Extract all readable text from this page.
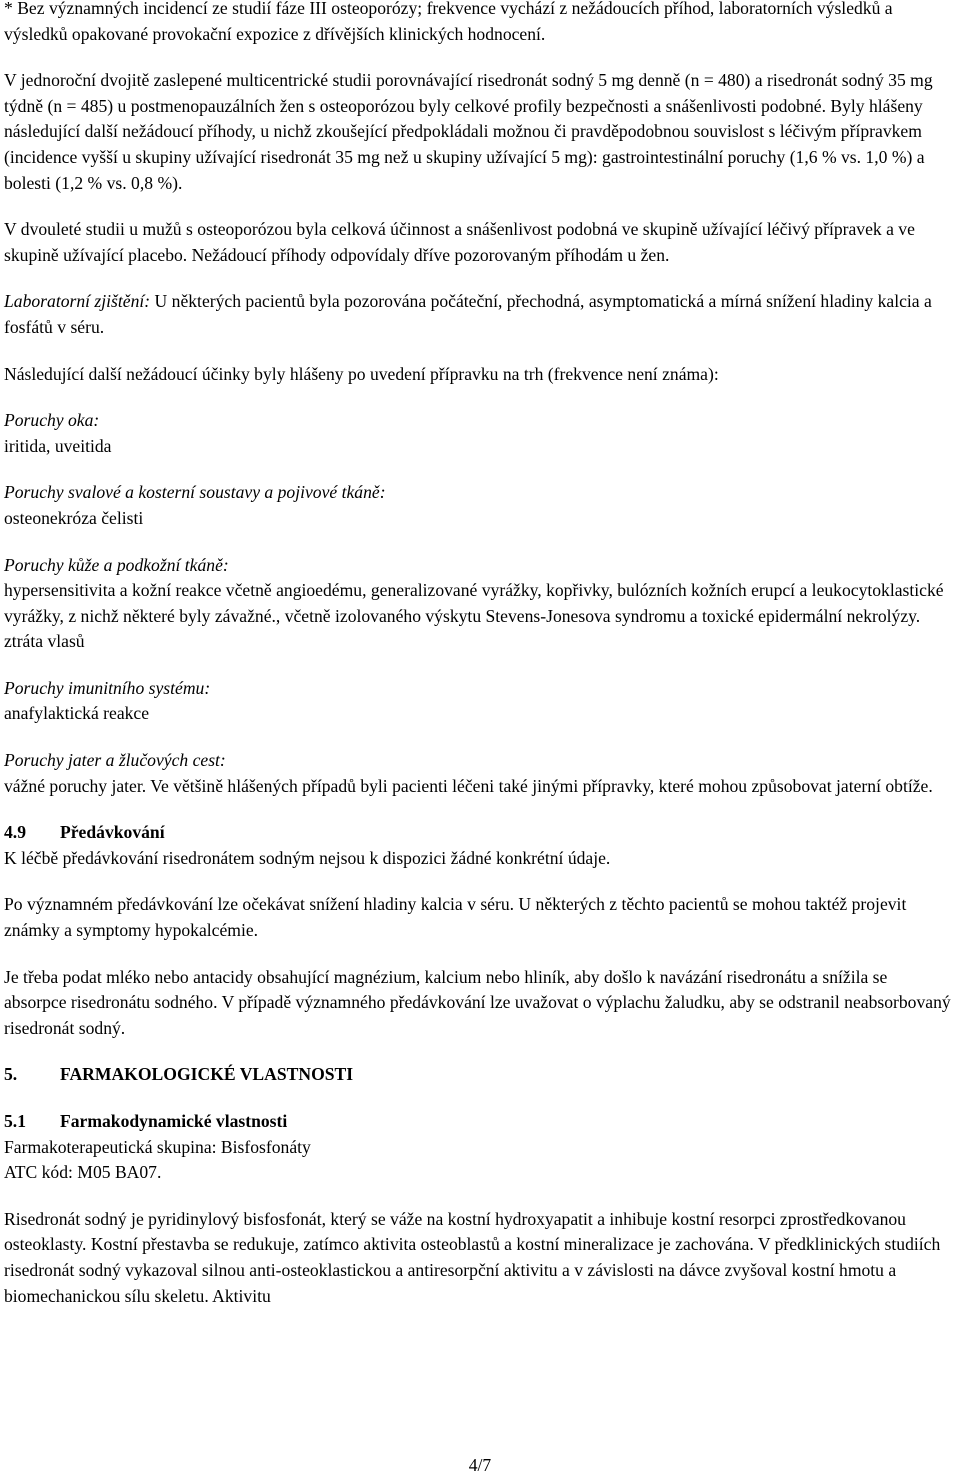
* Bez významných incidencí ze studií fáze III osteoporózy; frekvence vychází z nežádoucích příhod, laboratorních výsledků a výsledků opakované provokační expozice z dřívějších klinických hodnocení.

V jednoroční dvojitě zaslepené multicentrické studii porovnávající risedronát sodný 5 mg denně (n = 480) a risedronát sodný 35 mg týdně (n = 485) u postmenopauzálních žen s osteoporózou byly celkové profily bezpečnosti a snášenlivosti podobné. Byly hlášeny následující další nežádoucí příhody, u nichž zkoušející předpokládali možnou či pravděpodobnou souvislost s léčivým přípravkem (incidence vyšší u skupiny užívající risedronát 35 mg než u skupiny užívající 5 mg): gastrointestinální poruchy (1,6 % vs. 1,0 %) a bolesti (1,2 % vs. 0,8 %).

V dvouleté studii u mužů s osteoporózou byla celková účinnost a snášenlivost podobná ve skupině užívající léčivý přípravek a ve skupině užívající placebo. Nežádoucí příhody odpovídaly dříve pozorovaným příhodám u žen.

Laboratorní zjištění: U některých pacientů byla pozorována počáteční, přechodná, asymptomatická a mírná snížení hladiny kalcia a fosfátů v séru.

Následující další nežádoucí účinky byly hlášeny po uvedení přípravku na trh (frekvence není známa):

Poruchy oka:

iritida, uveitida

Poruchy svalové a kosterní soustavy a pojivové tkáně:

osteonekróza čelisti

Poruchy kůže a podkožní tkáně:

hypersensitivita a kožní reakce včetně angioedému, generalizované vyrážky, kopřivky, bulózních kožních erupcí a leukocytoklastické vyrážky, z nichž některé byly závažné., včetně izolovaného výskytu Stevens-Jonesova syndromu a toxické epidermální nekrolýzy.

ztráta vlasů

Poruchy imunitního systému:

anafylaktická reakce

Poruchy jater a žlučových cest:

vážné poruchy jater. Ve většině hlášených případů byli pacienti léčeni také jinými přípravky, které mohou způsobovat jaterní obtíže.

4.9 Předávkování

K léčbě předávkování risedronátem sodným nejsou k dispozici žádné konkrétní údaje.

Po významném předávkování lze očekávat snížení hladiny kalcia v séru. U některých z těchto pacientů se mohou taktéž projevit známky a symptomy hypokalcémie.

Je třeba podat mléko nebo antacidy obsahující magnézium, kalcium nebo hliník, aby došlo k navázání risedronátu a snížila se absorpce risedronátu sodného. V případě významného předávkování lze uvažovat o výplachu žaludku, aby se odstranil neabsorbovaný risedronát sodný.

5. FARMAKOLOGICKÉ VLASTNOSTI

5.1 Farmakodynamické vlastnosti

Farmakoterapeutická skupina: Bisfosfonáty

ATC kód: M05 BA07.

Risedronát sodný je pyridinylový bisfosfonát, který se váže na kostní hydroxyapatit a inhibuje kostní resorpci zprostředkovanou osteoklasty. Kostní přestavba se redukuje, zatímco aktivita osteoblastů a kostní mineralizace je zachována. V předklinických studiích risedronát sodný vykazoval silnou anti-osteoklastickou a antiresorpční aktivitu a v závislosti na dávce zvyšoval kostní hmotu a biomechanickou sílu skeletu. Aktivitu

4/7
